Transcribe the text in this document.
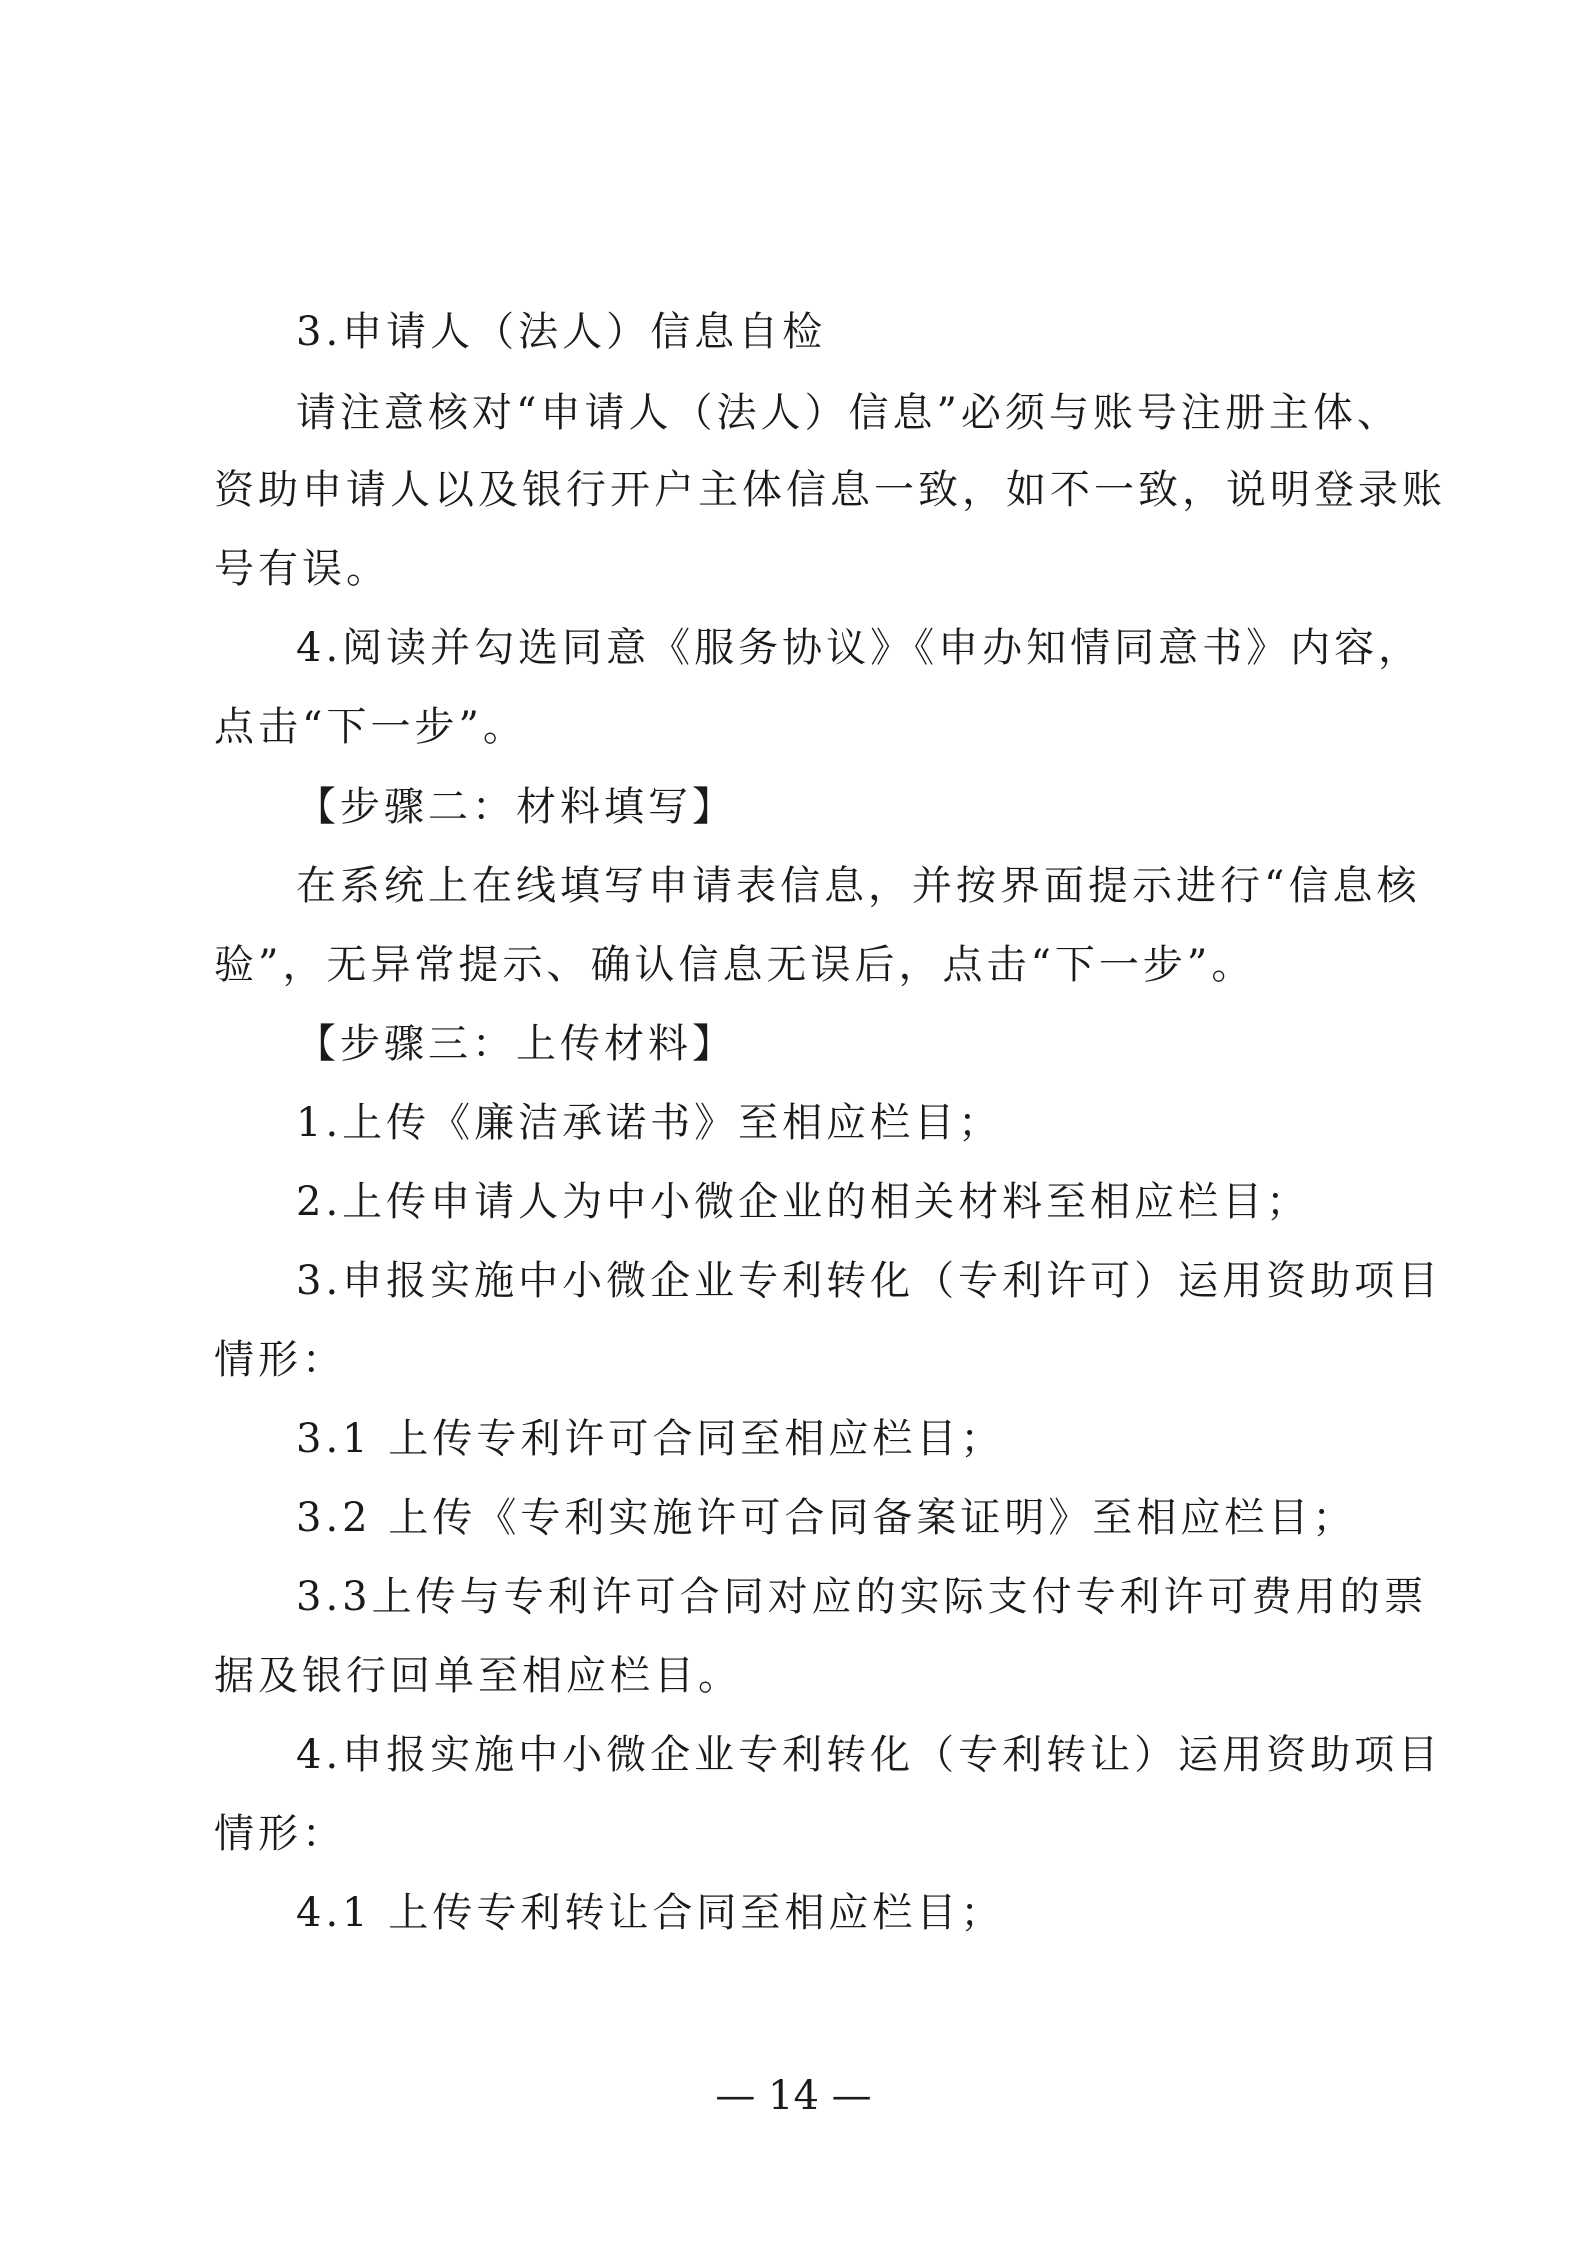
3.申请人（法人）信息自检
请注意核对“申请人（法人）信息”必须与账号注册主体、
资助申请人以及银行开户主体信息一致，如不一致，说明登录账
号有误。
4.阅读并勾选同意《服务协议》《申办知情同意书》内容，
点击“下一步”。
【步骤二：材料填写】
在系统上在线填写申请表信息，并按界面提示进行“信息核
验”，无异常提示、确认信息无误后，点击“下一步”。
【步骤三：上传材料】
1.上传《廉洁承诺书》至相应栏目；
2.上传申请人为中小微企业的相关材料至相应栏目；
3.申报实施中小微企业专利转化（专利许可）运用资助项目
情形：
3.1 上传专利许可合同至相应栏目；
3.2 上传《专利实施许可合同备案证明》至相应栏目；
3.3上传与专利许可合同对应的实际支付专利许可费用的票
据及银行回单至相应栏目。
4.申报实施中小微企业专利转化（专利转让）运用资助项目
情形：
4.1 上传专利转让合同至相应栏目；
— 14 —
